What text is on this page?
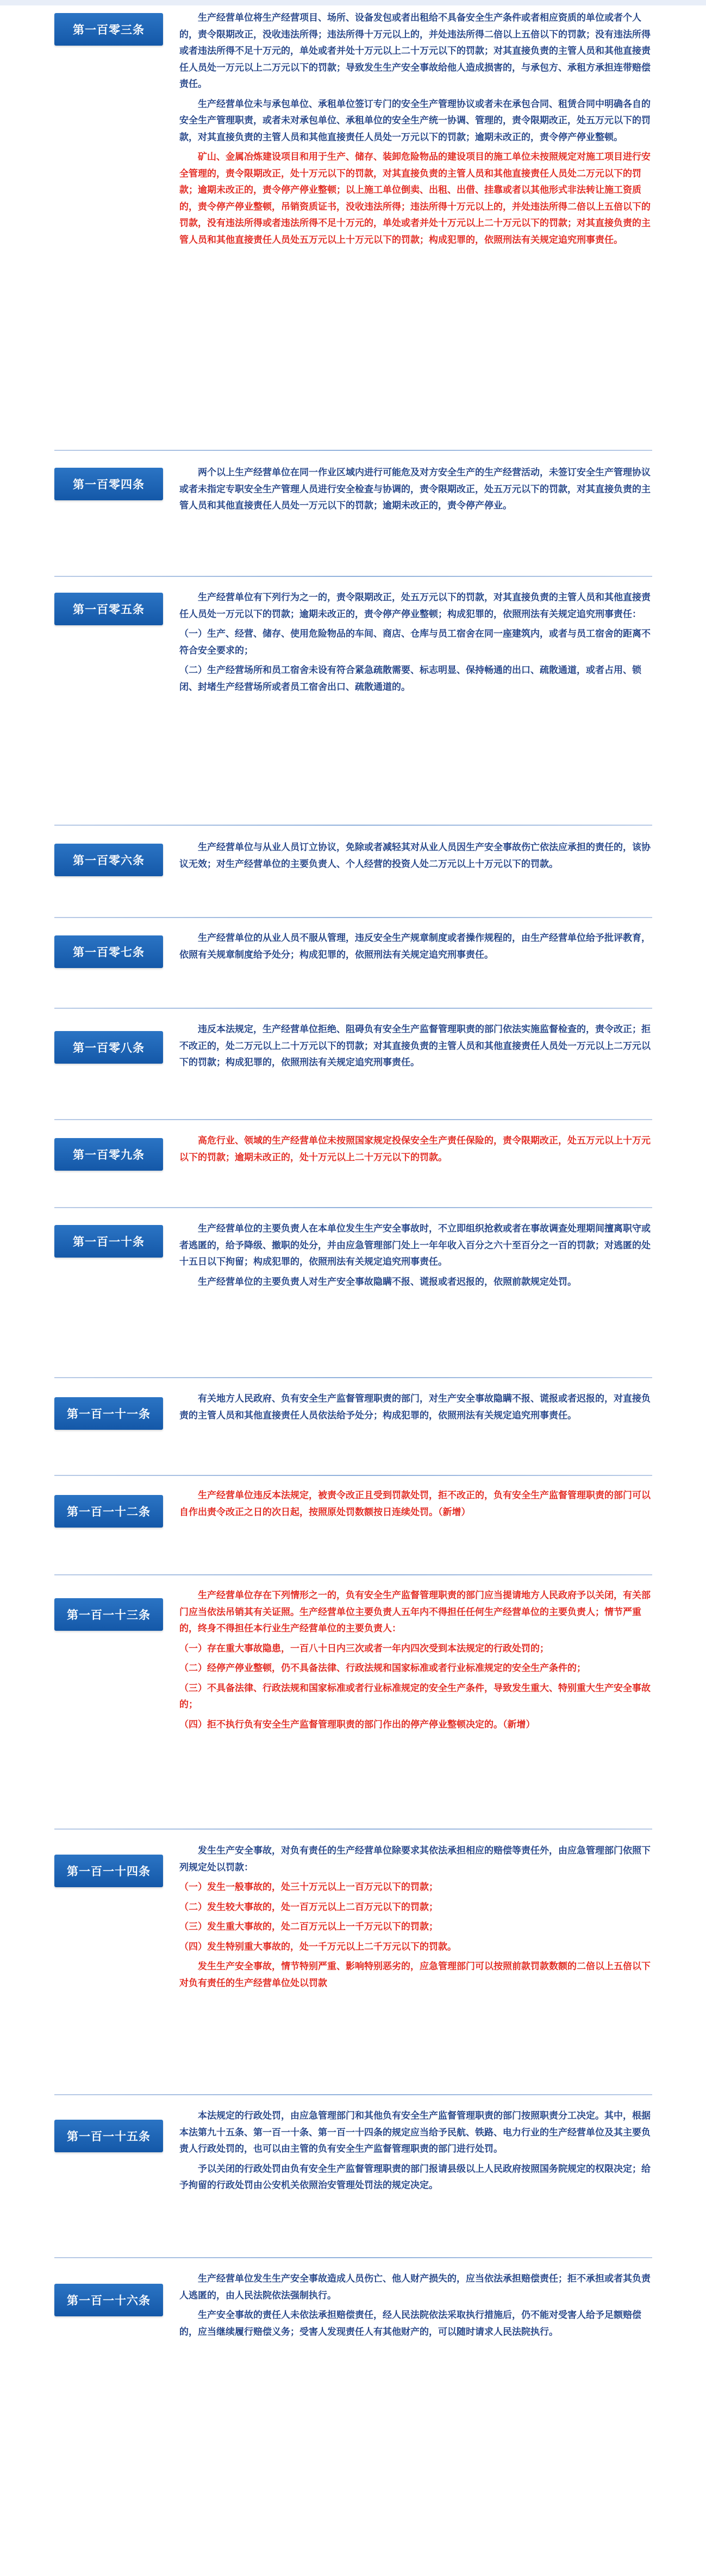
第一百零三条

生产经营单位将生产经营项目、场所、设备发包或者出租给不具备安全生产条件或者相应资质的单位或者个人的，责令限期改正，没收违法所得；违法所得十万元以上的，并处违法所得二倍以上五倍以下的罚款；没有违法所得或者违法所得不足十万元的，单处或者并处十万元以上二十万元以下的罚款；对其直接负责的主管人员和其他直接责任人员处一万元以上二万元以下的罚款；导致发生生产安全事故给他人造成损害的，与承包方、承租方承担连带赔偿责任。

生产经营单位未与承包单位、承租单位签订专门的安全生产管理协议或者未在承包合同、租赁合同中明确各自的安全生产管理职责，或者未对承包单位、承租单位的安全生产统一协调、管理的，责令限期改正，处五万元以下的罚款，对其直接负责的主管人员和其他直接责任人员处一万元以下的罚款；逾期未改正的，责令停产停业整顿。

矿山、金属冶炼建设项目和用于生产、储存、装卸危险物品的建设项目的施工单位未按照规定对施工项目进行安全管理的，责令限期改正，处十万元以下的罚款，对其直接负责的主管人员和其他直接责任人员处二万元以下的罚款；逾期未改正的，责令停产停业整顿；以上施工单位倒卖、出租、出借、挂靠或者以其他形式非法转让施工资质的，责令停产停业整顿，吊销资质证书，没收违法所得；违法所得十万元以上的，并处违法所得二倍以上五倍以下的罚款，没有违法所得或者违法所得不足十万元的，单处或者并处十万元以上二十万元以下的罚款；对其直接负责的主管人员和其他直接责任人员处五万元以上十万元以下的罚款；构成犯罪的，依照刑法有关规定追究刑事责任。

第一百零四条

两个以上生产经营单位在同一作业区域内进行可能危及对方安全生产的生产经营活动，未签订安全生产管理协议或者未指定专职安全生产管理人员进行安全检查与协调的，责令限期改正，处五万元以下的罚款，对其直接负责的主管人员和其他直接责任人员处一万元以下的罚款；逾期未改正的，责令停产停业。

第一百零五条

生产经营单位有下列行为之一的，责令限期改正，处五万元以下的罚款，对其直接负责的主管人员和其他直接责任人员处一万元以下的罚款；逾期未改正的，责令停产停业整顿；构成犯罪的，依照刑法有关规定追究刑事责任：

（一）生产、经营、储存、使用危险物品的车间、商店、仓库与员工宿舍在同一座建筑内，或者与员工宿舍的距离不符合安全要求的；

（二）生产经营场所和员工宿舍未设有符合紧急疏散需要、标志明显、保持畅通的出口、疏散通道，或者占用、锁闭、封堵生产经营场所或者员工宿舍出口、疏散通道的。

第一百零六条

生产经营单位与从业人员订立协议，免除或者减轻其对从业人员因生产安全事故伤亡依法应承担的责任的，该协议无效；对生产经营单位的主要负责人、个人经营的投资人处二万元以上十万元以下的罚款。

第一百零七条

生产经营单位的从业人员不服从管理，违反安全生产规章制度或者操作规程的，由生产经营单位给予批评教育，依照有关规章制度给予处分；构成犯罪的，依照刑法有关规定追究刑事责任。

第一百零八条

违反本法规定，生产经营单位拒绝、阻碍负有安全生产监督管理职责的部门依法实施监督检查的，责令改正；拒不改正的，处二万元以上二十万元以下的罚款；对其直接负责的主管人员和其他直接责任人员处一万元以上二万元以下的罚款；构成犯罪的，依照刑法有关规定追究刑事责任。

第一百零九条

高危行业、领域的生产经营单位未按照国家规定投保安全生产责任保险的，责令限期改正，处五万元以上十万元以下的罚款；逾期未改正的，处十万元以上二十万元以下的罚款。

第一百一十条

生产经营单位的主要负责人在本单位发生生产安全事故时，不立即组织抢救或者在事故调查处理期间擅离职守或者逃匿的，给予降级、撤职的处分，并由应急管理部门处上一年年收入百分之六十至百分之一百的罚款；对逃匿的处十五日以下拘留；构成犯罪的，依照刑法有关规定追究刑事责任。

生产经营单位的主要负责人对生产安全事故隐瞒不报、谎报或者迟报的，依照前款规定处罚。

第一百一十一条

有关地方人民政府、负有安全生产监督管理职责的部门，对生产安全事故隐瞒不报、谎报或者迟报的，对直接负责的主管人员和其他直接责任人员依法给予处分；构成犯罪的，依照刑法有关规定追究刑事责任。

第一百一十二条

生产经营单位违反本法规定，被责令改正且受到罚款处罚，拒不改正的，负有安全生产监督管理职责的部门可以自作出责令改正之日的次日起，按照原处罚数额按日连续处罚。（新增）

第一百一十三条

生产经营单位存在下列情形之一的，负有安全生产监督管理职责的部门应当提请地方人民政府予以关闭，有关部门应当依法吊销其有关证照。生产经营单位主要负责人五年内不得担任任何生产经营单位的主要负责人；情节严重的，终身不得担任本行业生产经营单位的主要负责人：

（一）存在重大事故隐患，一百八十日内三次或者一年内四次受到本法规定的行政处罚的；

（二）经停产停业整顿，仍不具备法律、行政法规和国家标准或者行业标准规定的安全生产条件的；

（三）不具备法律、行政法规和国家标准或者行业标准规定的安全生产条件，导致发生重大、特别重大生产安全事故的；

（四）拒不执行负有安全生产监督管理职责的部门作出的停产停业整顿决定的。（新增）

第一百一十四条

发生生产安全事故，对负有责任的生产经营单位除要求其依法承担相应的赔偿等责任外，由应急管理部门依照下列规定处以罚款：

（一）发生一般事故的，处三十万元以上一百万元以下的罚款；

（二）发生较大事故的，处一百万元以上二百万元以下的罚款；

（三）发生重大事故的，处二百万元以上一千万元以下的罚款；

（四）发生特别重大事故的，处一千万元以上二千万元以下的罚款。

发生生产安全事故，情节特别严重、影响特别恶劣的，应急管理部门可以按照前款罚款数额的二倍以上五倍以下对负有责任的生产经营单位处以罚款

第一百一十五条

本法规定的行政处罚，由应急管理部门和其他负有安全生产监督管理职责的部门按照职责分工决定。其中，根据本法第九十五条、第一百一十条、第一百一十四条的规定应当给予民航、铁路、电力行业的生产经营单位及其主要负责人行政处罚的，也可以由主管的负有安全生产监督管理职责的部门进行处罚。

予以关闭的行政处罚由负有安全生产监督管理职责的部门报请县级以上人民政府按照国务院规定的权限决定；给予拘留的行政处罚由公安机关依照治安管理处罚法的规定决定。

第一百一十六条

生产经营单位发生生产安全事故造成人员伤亡、他人财产损失的，应当依法承担赔偿责任；拒不承担或者其负责人逃匿的，由人民法院依法强制执行。

生产安全事故的责任人未依法承担赔偿责任，经人民法院依法采取执行措施后，仍不能对受害人给予足额赔偿的，应当继续履行赔偿义务；受害人发现责任人有其他财产的，可以随时请求人民法院执行。
